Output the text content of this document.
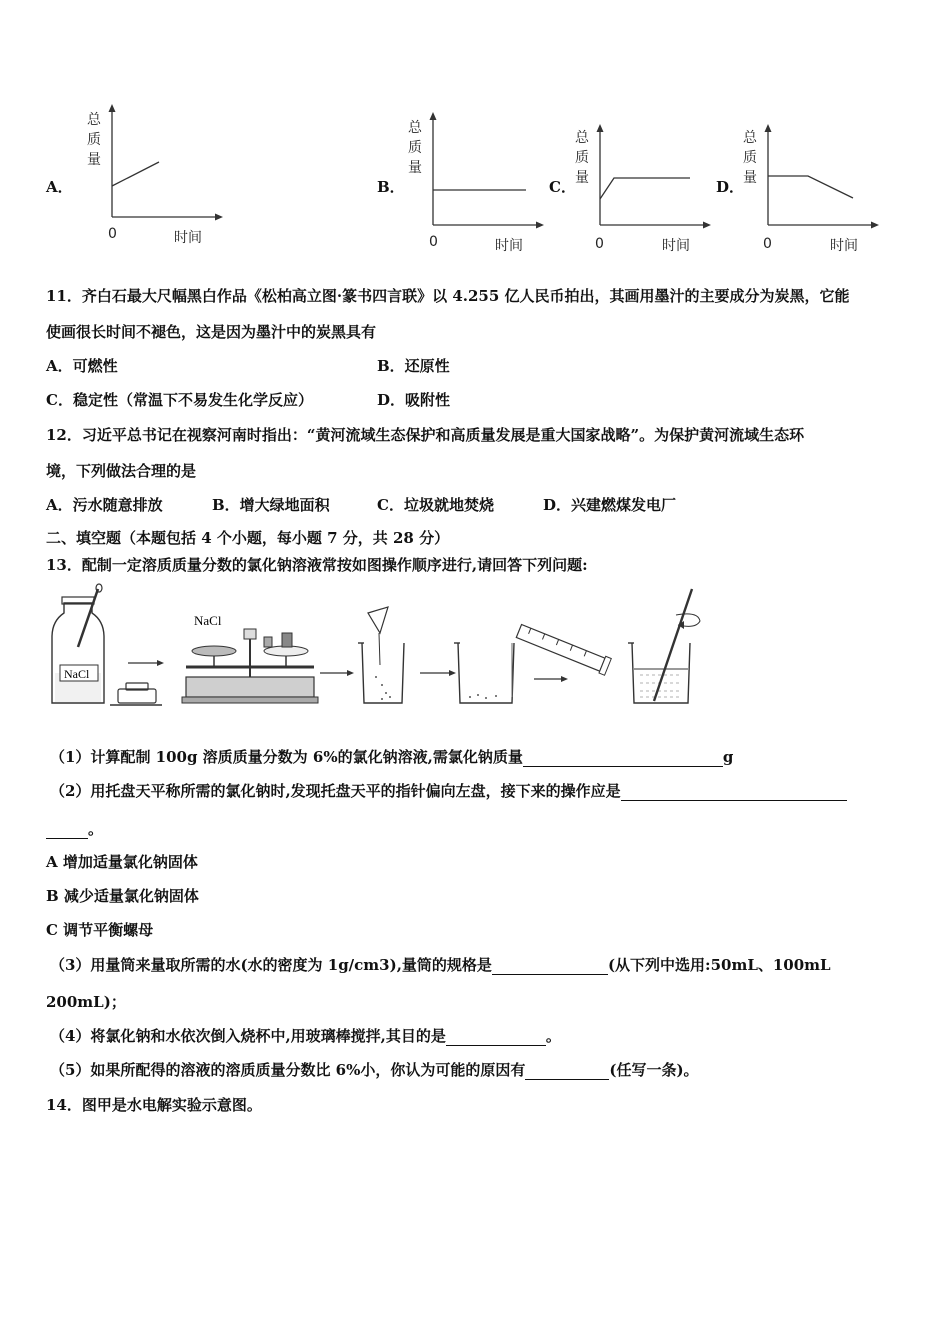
A．
总
质
量
0	时间
B．
总
质
量
0	时间
C．
总
质
量
0	时间
D．
总
质
量
0	时间
11．齐白石最大尺幅黑白作品《松柏高立图·篆书四言联》以 4.255 亿人民币拍出，其画用墨汁的主要成分为炭黑，它能
使画很长时间不褪色，这是因为墨汁中的炭黑具有
A．可燃性	B．还原性
C．稳定性（常温下不易发生化学反应）	D．吸附性
12．习近平总书记在视察河南时指出：“黄河流域生态保护和高质量发展是重大国家战略”。为保护黄河流域生态环
境，下列做法合理的是
A．污水随意排放	B．增大绿地面积	C．垃圾就地焚烧	D．兴建燃煤发电厂
二、填空题（本题包括 4 个小题，每小题 7 分，共 28 分）
13．配制一定溶质质量分数的氯化钠溶液常按如图操作顺序进行,请回答下列问题:
NaCl
NaCl
（1）计算配制 100g 溶质质量分数为 6%的氯化钠溶液,需氯化钠质量	g
（2）用托盘天平称所需的氯化钠时,发现托盘天平的指针偏向左盘，接下来的操作应是
。
A 增加适量氯化钠固体
B 减少适量氯化钠固体
C 调节平衡螺母
（3）用量筒来量取所需的水(水的密度为 1g/cm3),量筒的规格是	(从下列中选用:50mL、100mL
200mL)；
（4）将氯化钠和水依次倒入烧杯中,用玻璃棒搅拌,其目的是	。
（5）如果所配得的溶液的溶质质量分数比 6%小，你认为可能的原因有	(任写一条)。
14．图甲是水电解实验示意图。
